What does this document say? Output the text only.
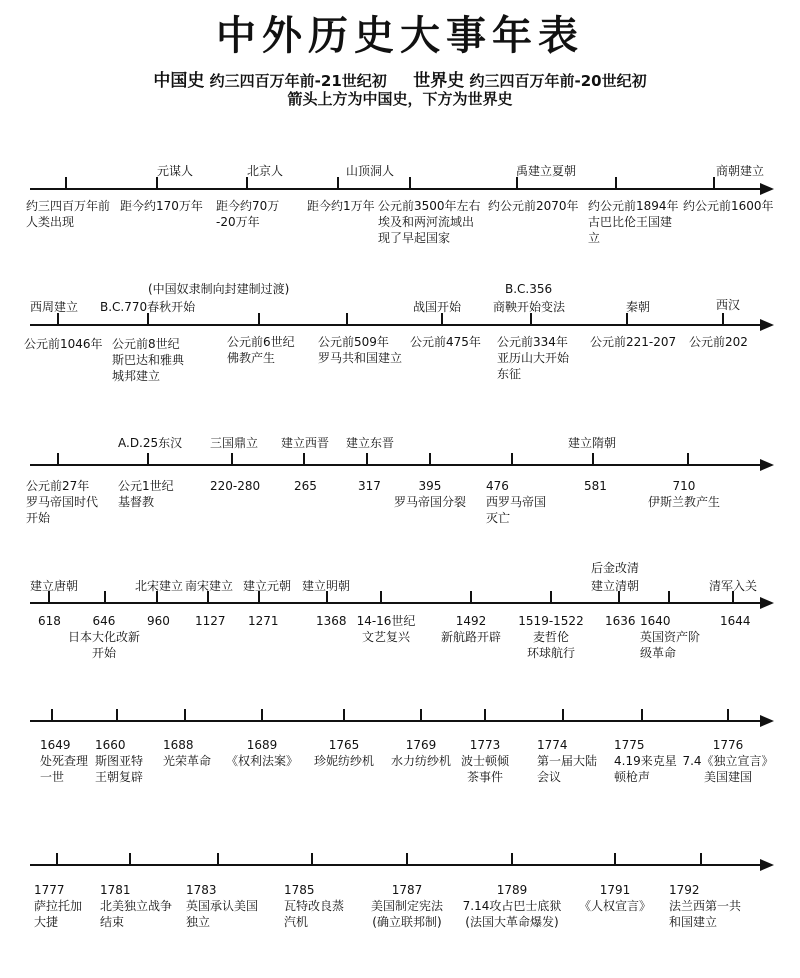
中外历史大事年表
中国史 约三四百万年前-21世纪初 世界史 约三四百万年前-20世纪初
箭头上方为中国史，下方为世界史
元谋人	北京人	山顶洞人	禹建立夏朝	商朝建立
约三四百万年前
人类出现
距今约170万年 距今约70万
-20万年
距今约1万年 公元前3500年左右
埃及和两河流域出
现了早起国家
约公元前2070年 约公元前1894年
古巴比伦王国建
立
约公元前1600年
(中国奴隶制向封建制过渡)	B.C.356
西周建立 B.C.770春秋开始	战国开始	商鞅开始变法	秦朝	西汉
公元前1046年 公元前8世纪
斯巴达和雅典
城邦建立
公元前6世纪
佛教产生
公元前509年
罗马共和国建立
公元前475年 公元前334年
亚历山大开始
东征
公元前221-207 公元前202
A.D.25东汉 三国鼎立 建立西晋 建立东晋	建立隋朝
公元前27年
罗马帝国时代
开始
公元1世纪
基督教
220-280	265	317	395
罗马帝国分裂
476
西罗马帝国
灭亡
581	710
伊斯兰教产生
后金改清
建立唐朝	北宋建立 南宋建立 建立元朝 建立明朝	建立清朝	清军入关
618	646
日本大化改新
开始
960 1127 1271	1368 14-16世纪
文艺复兴
1492
新航路开辟
1519-1522
麦哲伦
环球航行
1636 1640
英国资产阶
级革命
1644
1649
处死查理
一世
1660
斯图亚特
王朝复辟
1688
光荣革命
1689
《权利法案》
1765
珍妮纺纱机
1769
水力纺纱机
1773
波士顿倾
茶事件
1774
第一届大陆
会议
1775
4.19来克星
顿枪声
1776
7.4《独立宣言》
美国建国
1777
萨拉托加
大捷
1781
北美独立战争
结束
1783
英国承认美国
独立
1785
瓦特改良蒸
汽机
1787
美国制定宪法
(确立联邦制)
1789
7.14攻占巴士底狱
(法国大革命爆发)
1791
《人权宣言》
1792
法兰西第一共
和国建立
